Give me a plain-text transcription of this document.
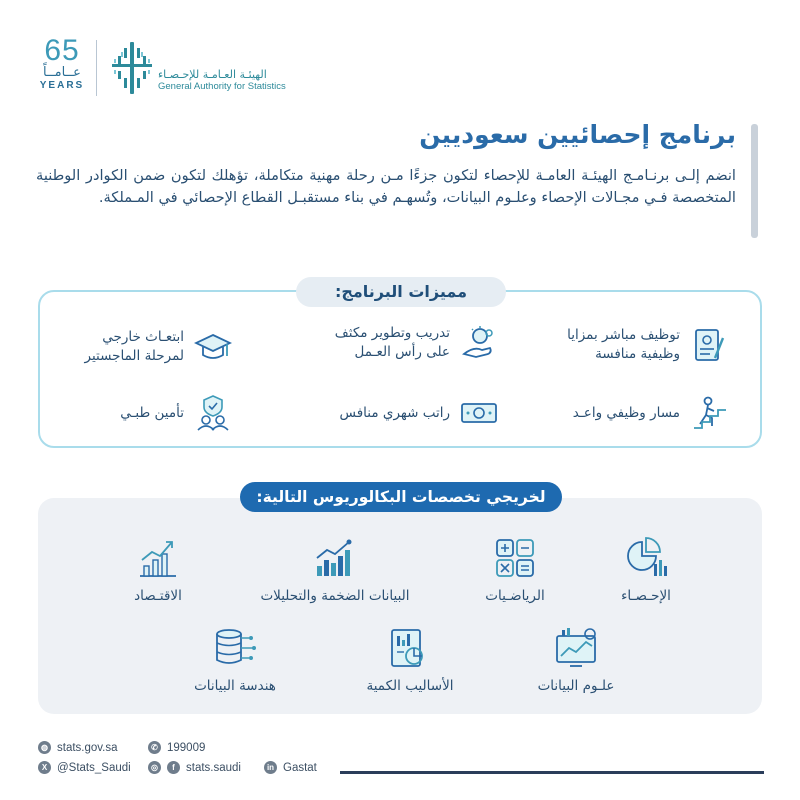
65
عــامــاً
YEARS
الهيئـة العـامـة للإحـصـاء
General Authority for Statistics
برنامج إحصائيين سعوديين
انضم إلـى برنـامـج الهيئـة العامـة للإحصاء لتكون جزءًا مـن رحلة مهنية متكاملة، تؤهلك لتكون ضمن الكوادر الوطنية المتخصصة فـي مجـالات الإحصاء وعلـوم البيانات، وتُسهـم في بناء مستقبـل القطاع الإحصائي في المـملكة.
مميزات البرنامج:
توظيف مباشر بمزايا
وظيفية منافسة
تدريب وتطوير مكثف
على رأس العـمل
ابتعـاث خارجي
لمرحلة الماجستير
مسار وظيفي واعـد
راتب شهري منافس
تأمين طبـي
لخريجي تخصصات البكالوريوس التالية:
الإحـصـاء
الرياضـيات
البيانات الضخمة والتحليلات
الاقتـصاد
علـوم البيانات
الأساليب الكمية
هندسة البيانات
◍ stats.gov.sa	✆ 199009
X @Stats_Saudi	◎	f stats.saudi	in Gastat
